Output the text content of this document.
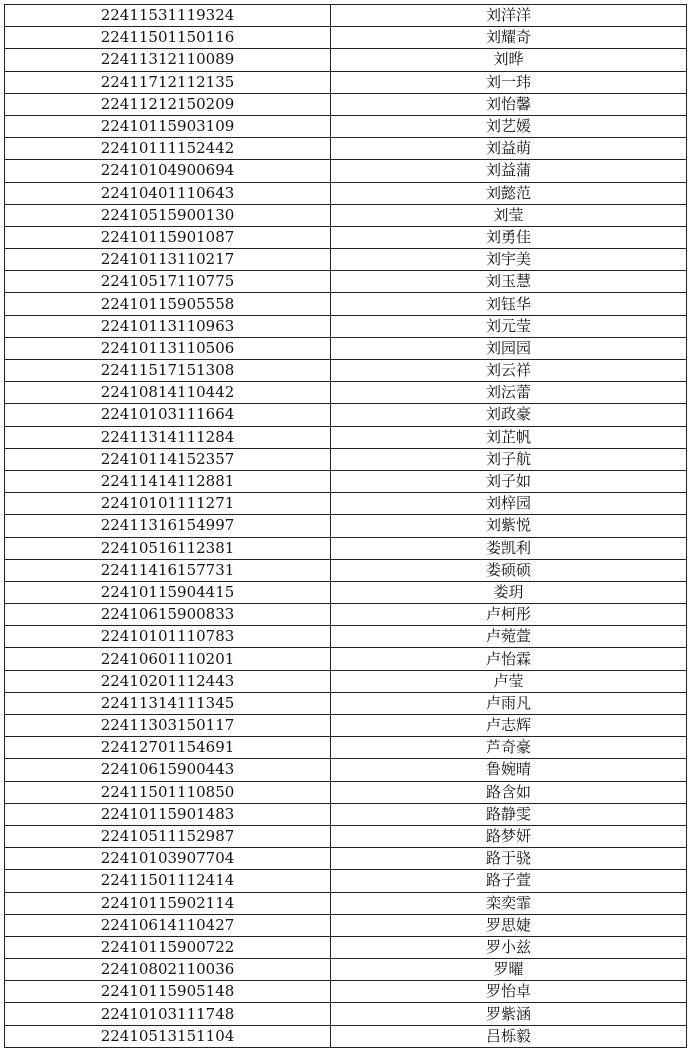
22411531119324	刘洋洋
22411501150116	刘耀奇
22411312110089	刘晔
22411712112135	刘一玮
22411212150209	刘怡馨
22410115903109	刘艺媛
22410111152442	刘益萌
22410104900694	刘益蒲
22410401110643	刘懿范
22410515900130	刘莹
22410115901087	刘勇佳
22410113110217	刘宇美
22410517110775	刘玉慧
22410115905558	刘钰华
22410113110963	刘元莹
22410113110506	刘园园
22411517151308	刘云祥
22410814110442	刘沄蕾
22410103111664	刘政豪
22411314111284	刘芷帆
22410114152357	刘子航
22411414112881	刘子如
22410101111271	刘梓园
22411316154997	刘紫悦
22410516112381	娄凯利
22411416157731	娄硕硕
22410115904415	娄玥
22410615900833	卢柯彤
22410101110783	卢菀萱
22410601110201	卢怡霖
22410201112443	卢莹
22411314111345	卢雨凡
22411303150117	卢志辉
22412701154691	芦奇豪
22410615900443	鲁婉晴
22411501110850	路含如
22410115901483	路静雯
22410511152987	路梦妍
22410103907704	路于骁
22411501112414	路子萱
22410115902114	栾奕霏
22410614110427	罗思婕
22410115900722	罗小兹
22410802110036	罗曜
22410115905148	罗怡卓
22410103111748	罗紫涵
22410513151104	吕栎毅
